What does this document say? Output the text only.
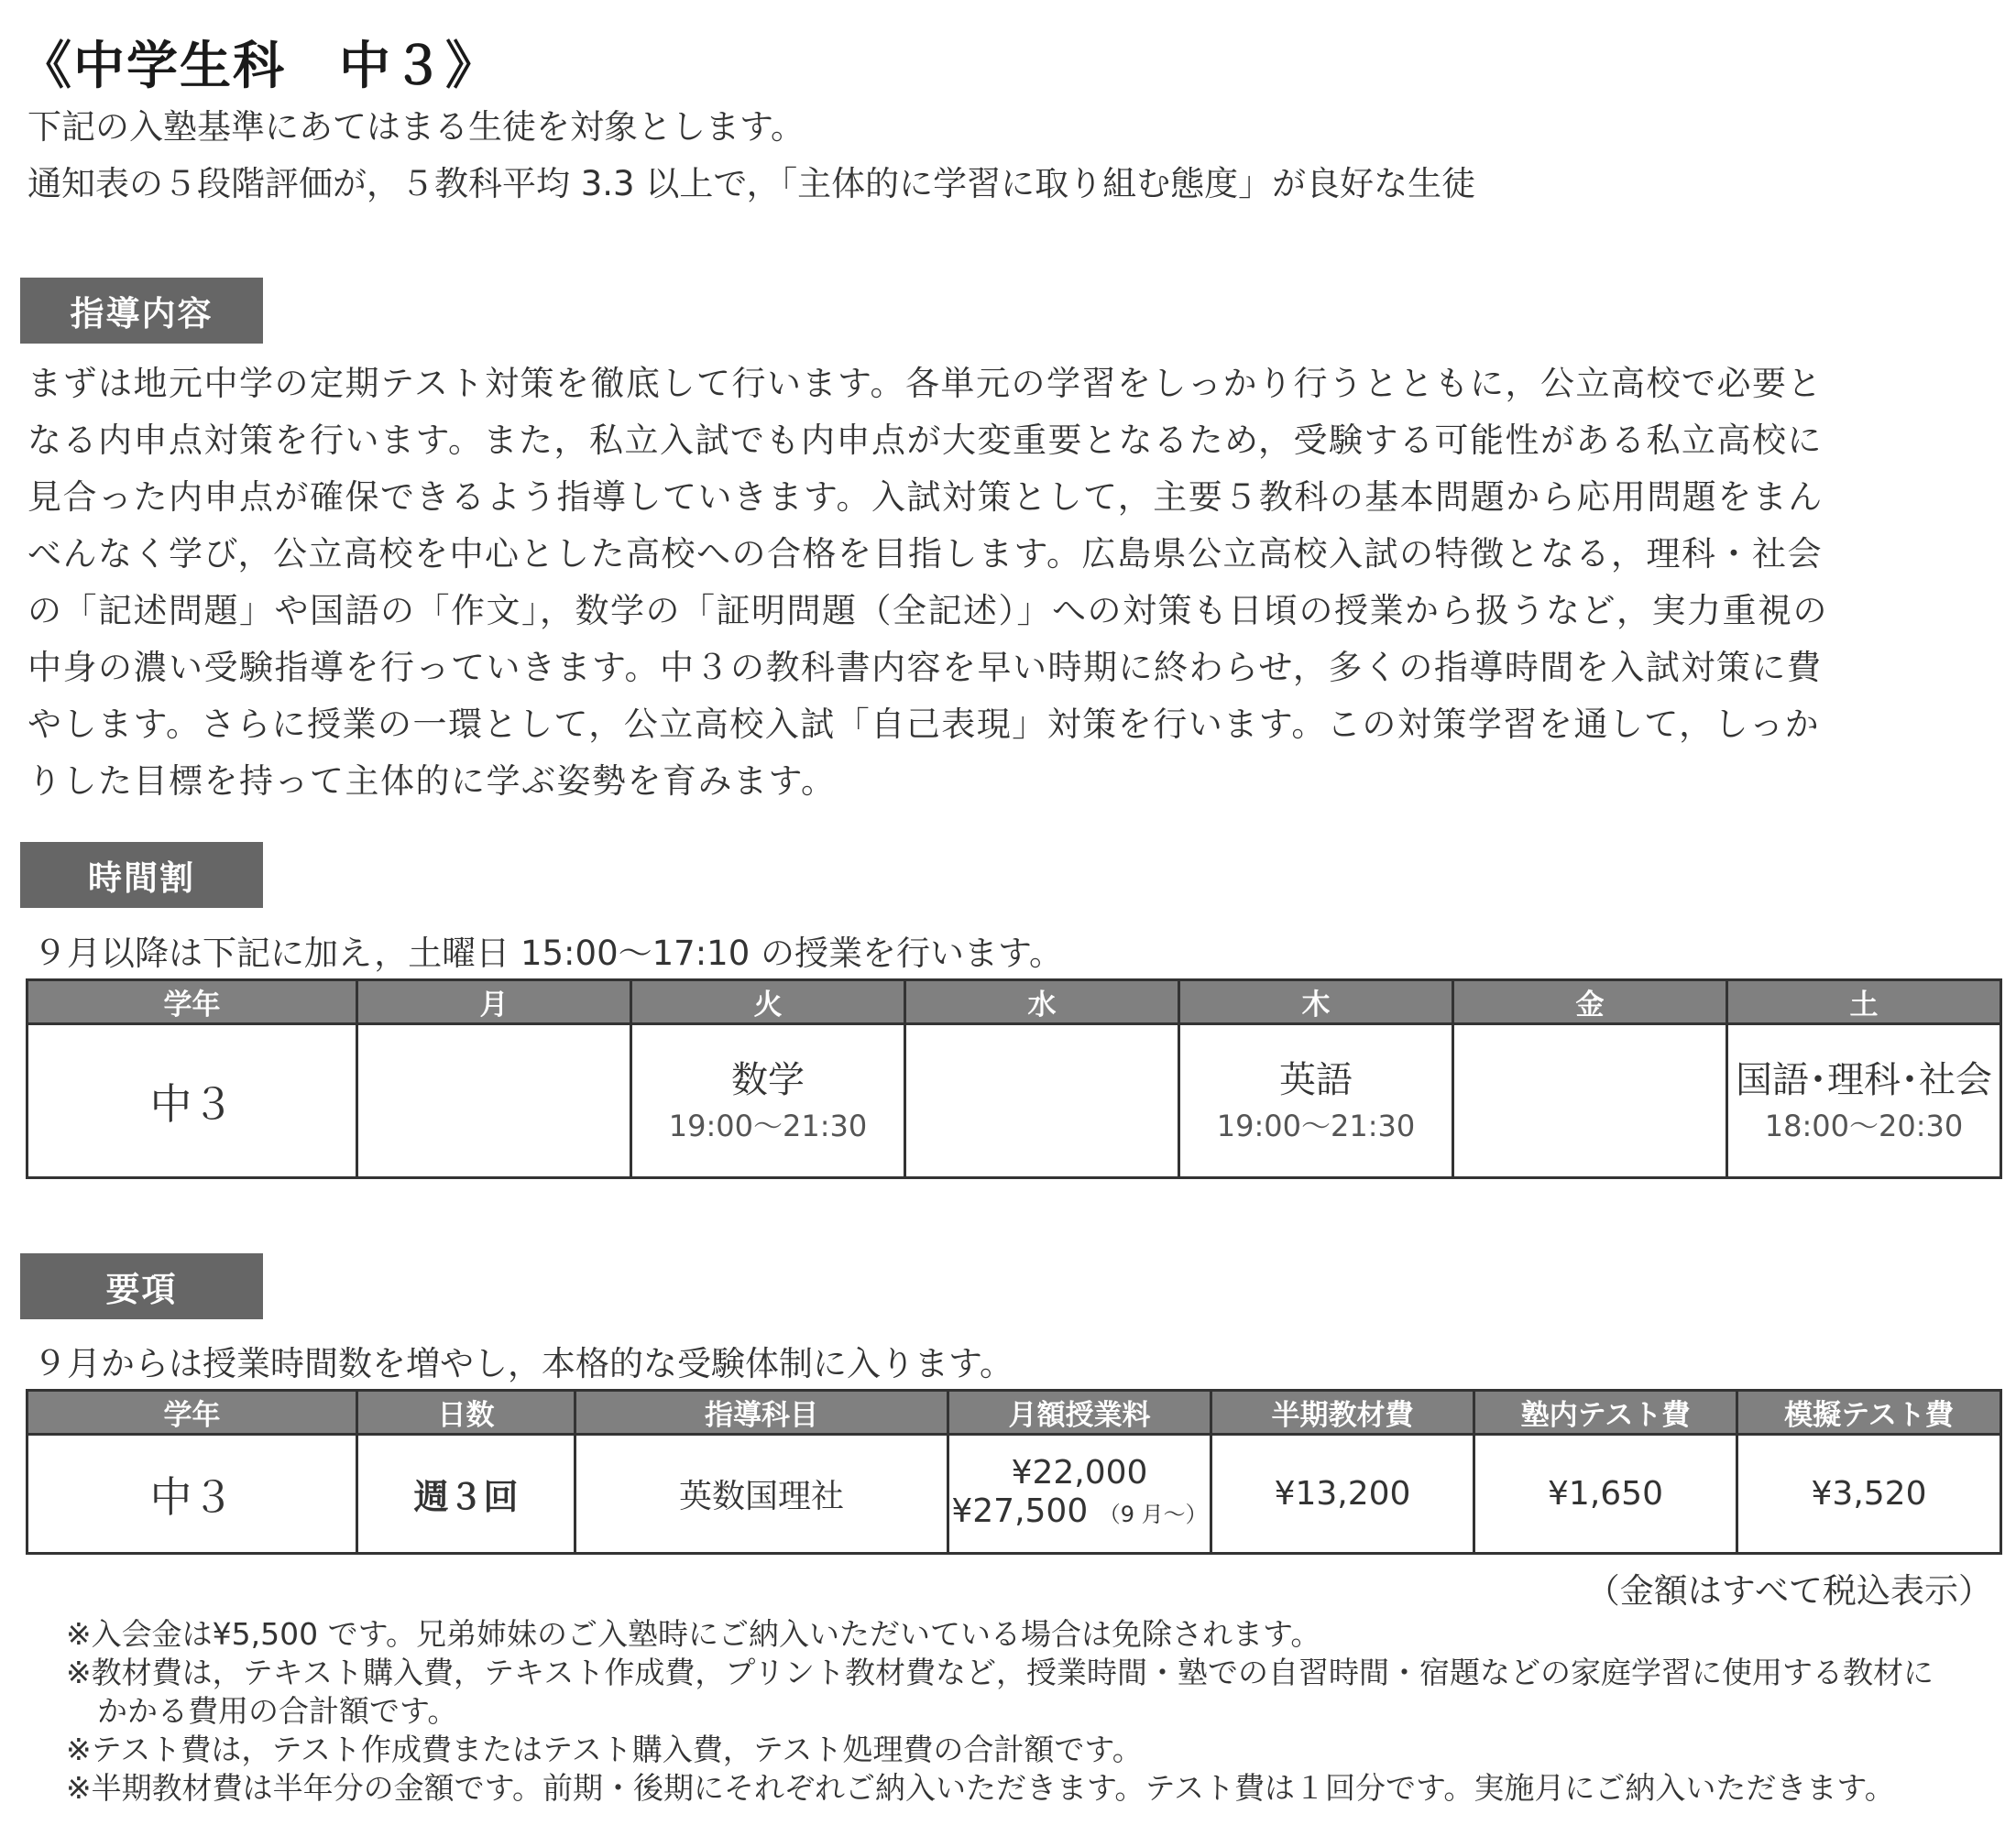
《中学生科　中３》
下記の入塾基準にあてはまる生徒を対象とします。
通知表の５段階評価が，５教科平均 3.3 以上で，「主体的に学習に取り組む態度」が良好な生徒
指導内容
まずは地元中学の定期テスト対策を徹底して行います。各単元の学習をしっかり行うとともに，公立高校で必要と
なる内申点対策を行います。また，私立入試でも内申点が大変重要となるため，受験する可能性がある私立高校に
見合った内申点が確保できるよう指導していきます。入試対策として，主要５教科の基本問題から応用問題をまん
べんなく学び，公立高校を中心とした高校への合格を目指します。広島県公立高校入試の特徴となる，理科・社会
の「記述問題」や国語の「作文」，数学の「証明問題（全記述）」への対策も日頃の授業から扱うなど，実力重視の
中身の濃い受験指導を行っていきます。中３の教科書内容を早い時期に終わらせ，多くの指導時間を入試対策に費
やします。さらに授業の一環として，公立高校入試「自己表現」対策を行います。この対策学習を通して，しっか
りした目標を持って主体的に学ぶ姿勢を育みます。
時間割
９月以降は下記に加え，土曜日 15:00〜17:10 の授業を行います。
学年	月	火	水	木	金	土
中３		数学
19:00〜21:30		英語
19:00〜21:30		国語･理科･社会
18:00〜20:30
要項
９月からは授業時間数を増やし，本格的な受験体制に入ります。
学年	日数	指導科目	月額授業料	半期教材費	塾内テスト費	模擬テスト費
中３	週３回	英数国理社	¥22,000
¥27,500 （9 月〜）	¥13,200	¥1,650	¥3,520
（金額はすべて税込表示）
※入会金は¥5,500 です。兄弟姉妹のご入塾時にご納入いただいている場合は免除されます。
※教材費は，テキスト購入費，テキスト作成費，プリント教材費など，授業時間・塾での自習時間・宿題などの家庭学習に使用する教材に
かかる費用の合計額です。
※テスト費は，テスト作成費またはテスト購入費，テスト処理費の合計額です。
※半期教材費は半年分の金額です。前期・後期にそれぞれご納入いただきます。テスト費は１回分です。実施月にご納入いただきます。
